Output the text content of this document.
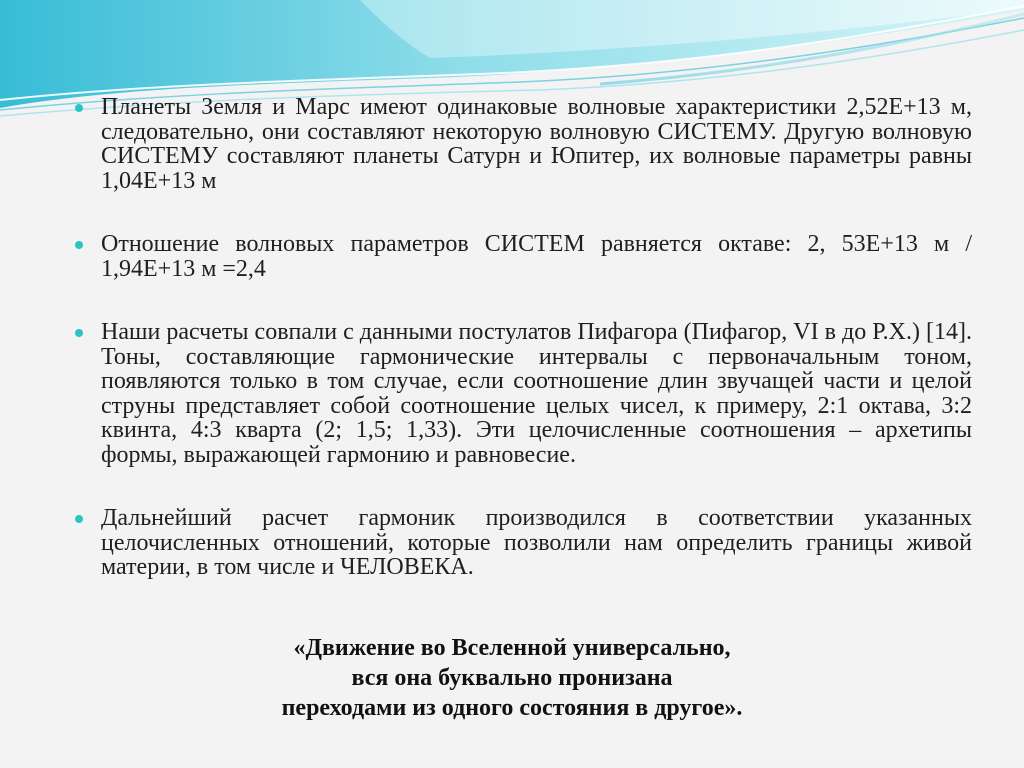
Планеты Земля и Марс имеют одинаковые волновые характеристики 2,52Е+13 м, следовательно, они составляют некоторую волновую СИСТЕМУ. Другую волновую СИСТЕМУ составляют планеты Сатурн и Юпитер, их волновые параметры равны 1,04Е+13 м

Отношение волновых параметров СИСТЕМ равняется октаве: 2, 53Е+13 м / 1,94Е+13 м =2,4

Наши расчеты совпали с данными постулатов Пифагора (Пифагор, VI в до Р.Х.) [14]. Тоны, составляющие гармонические интервалы с первоначальным тоном, появляются только в том случае, если соотношение длин звучащей части и целой струны представляет собой соотношение целых чисел, к примеру, 2:1 октава, 3:2 квинта, 4:3 кварта (2; 1,5; 1,33). Эти целочисленные соотношения – архетипы формы, выражающей гармонию и равновесие.

Дальнейший расчет гармоник производился в соответствии указанных целочисленных отношений, которые позволили нам определить границы живой материи, в том числе и ЧЕЛОВЕКА.

«Движение во Вселенной универсально,
вся она буквально пронизана
переходами из одного состояния в другое».
